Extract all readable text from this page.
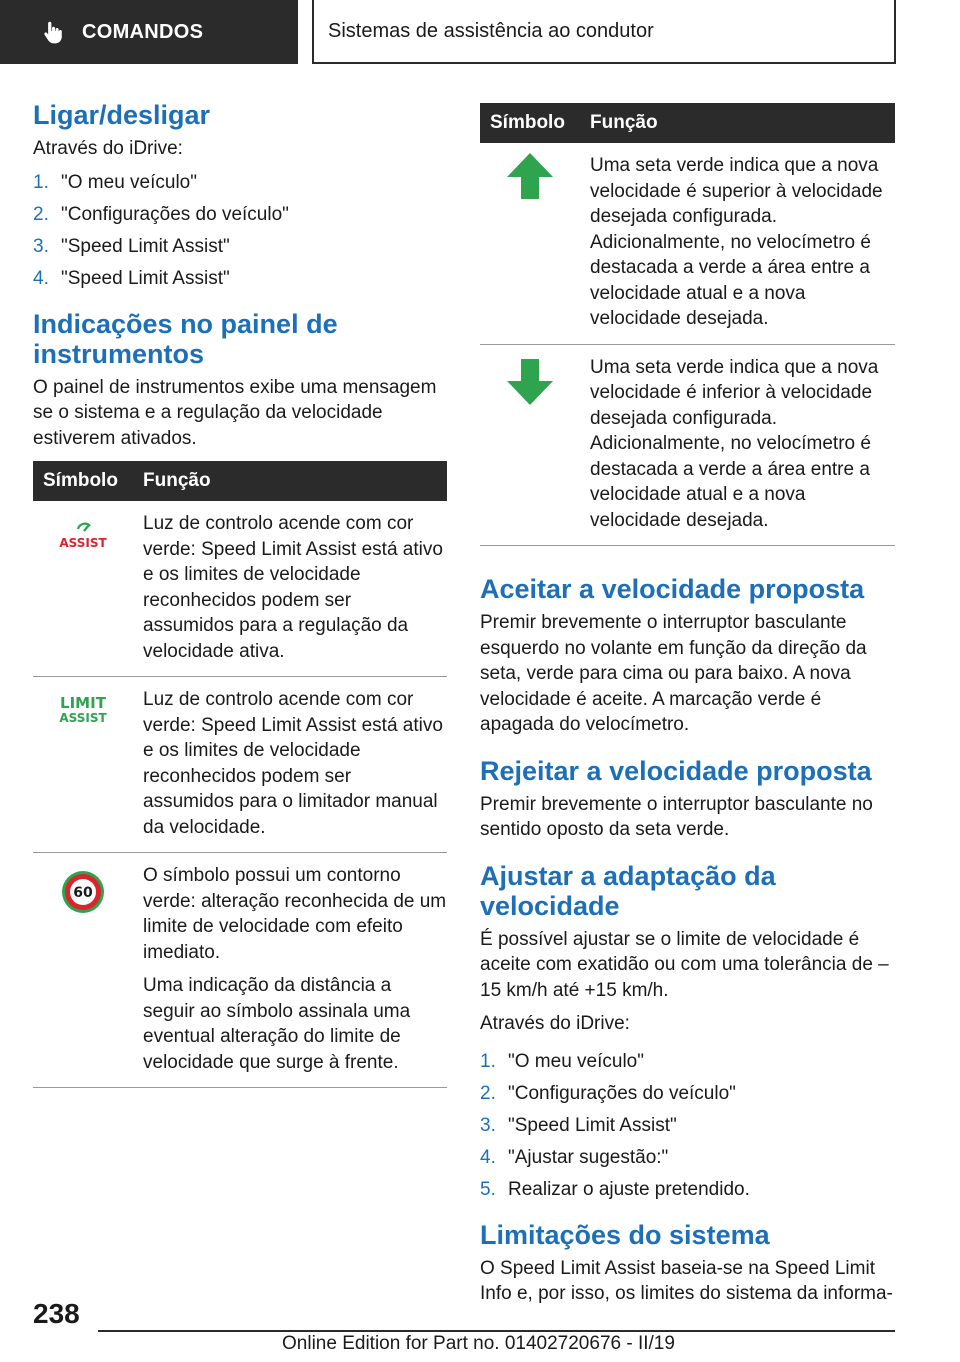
COMANDOS	Sistemas de assistência ao condutor
Ligar/desligar

Através do iDrive:

1. "O meu veículo"
2. "Configurações do veículo"
3. "Speed Limit Assist"
4. "Speed Limit Assist"
Indicações no painel de instrumentos

O painel de instrumentos exibe uma mensagem se o sistema e a regulação da velocidade estiverem ativados.

Símbolo	Função

ASSIST	Luz de controlo acende com cor verde: Speed Limit Assist está ativo e os limites de velocidade reconhecidos podem ser assumidos para a regulação da velocidade ativa.

LIMIT
ASSIST	Luz de controlo acende com cor verde: Speed Limit Assist está ativo e os limites de velocidade reconhecidos podem ser assumidos para o limitador manual da velocidade.

60	O símbolo possui um contorno verde: alteração reconhecida de um limite de velocidade com efeito imediato.

Uma indicação da distância a seguir ao símbolo assinala uma eventual alteração do limite de velocidade que surge à frente.

Símbolo	Função

Uma seta verde indica que a nova velocidade é superior à velocidade desejada configurada. Adicionalmente, no velocímetro é destacada a verde a área entre a velocidade atual e a nova velocidade desejada.

Uma seta verde indica que a nova velocidade é inferior à velocidade desejada configurada. Adicionalmente, no velocímetro é destacada a verde a área entre a velocidade atual e a nova velocidade desejada.

Aceitar a velocidade proposta

Premir brevemente o interruptor basculante esquerdo no volante em função da direção da seta, verde para cima ou para baixo. A nova velocidade é aceite. A marcação verde é apagada do velocímetro.

Rejeitar a velocidade proposta

Premir brevemente o interruptor basculante no sentido oposto da seta verde.

Ajustar a adaptação da velocidade

É possível ajustar se o limite de velocidade é aceite com exatidão ou com uma tolerância de – 15 km/h até +15 km/h.

Através do iDrive:

1. "O meu veículo"
2. "Configurações do veículo"
3. "Speed Limit Assist"
4. "Ajustar sugestão:"
5. Realizar o ajuste pretendido.
Limitações do sistema

O Speed Limit Assist baseia-se na Speed Limit Info e, por isso, os limites do sistema da informa-

238
Online Edition for Part no. 01402720676 - II/19
